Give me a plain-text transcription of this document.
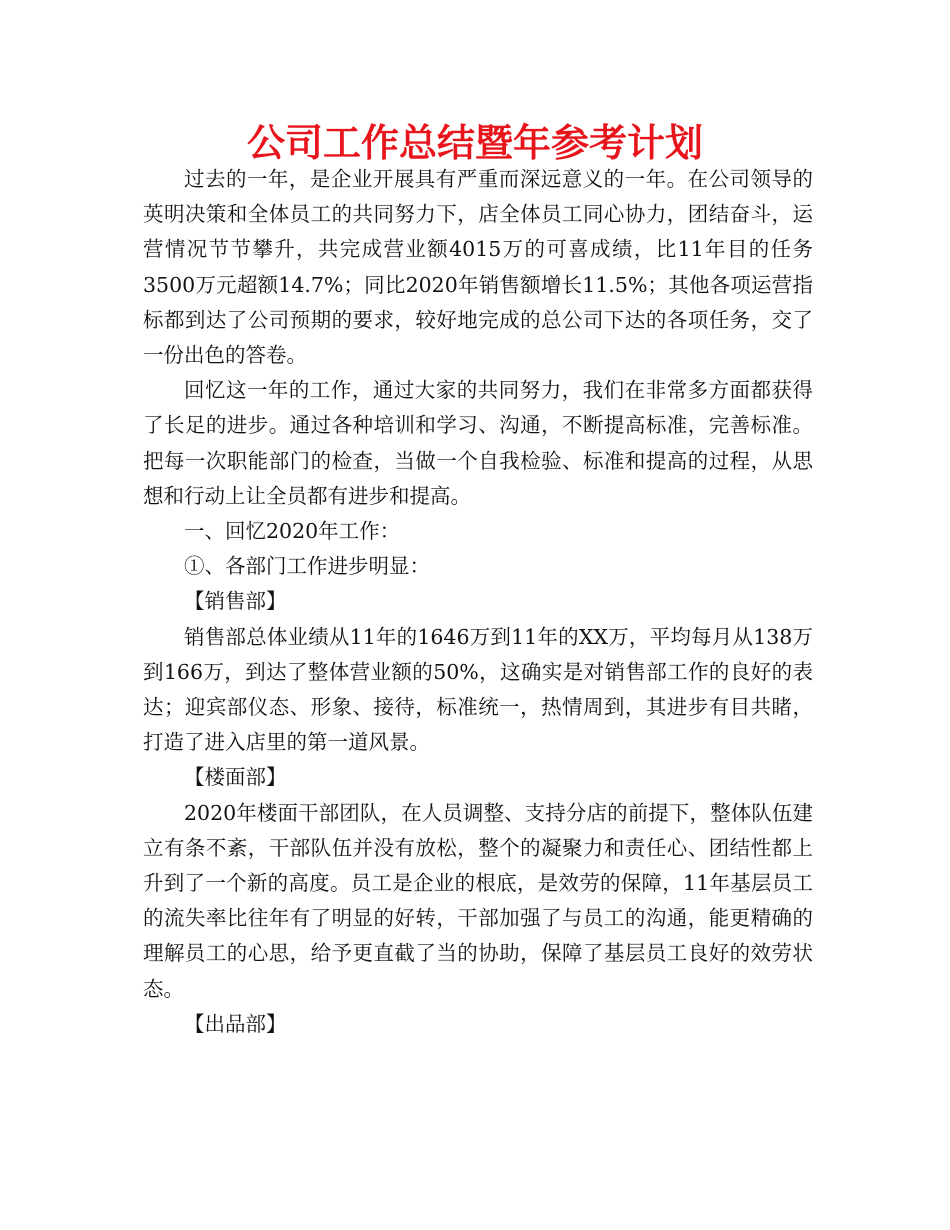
公司工作总结暨年参考计划

过去的一年，是企业开展具有严重而深远意义的一年。在公司领导的英明决策和全体员工的共同努力下，店全体员工同心协力，团结奋斗，运营情况节节攀升，共完成营业额4015万的可喜成绩，比11年目的任务3500万元超额14.7%；同比2020年销售额增长11.5%；其他各项运营指标都到达了公司预期的要求，较好地完成的总公司下达的各项任务，交了一份出色的答卷。

回忆这一年的工作，通过大家的共同努力，我们在非常多方面都获得了长足的进步。通过各种培训和学习、沟通，不断提高标准，完善标准。把每一次职能部门的检查，当做一个自我检验、标准和提高的过程，从思想和行动上让全员都有进步和提高。

一、回忆2020年工作：

①、各部门工作进步明显：

【销售部】

销售部总体业绩从11年的1646万到11年的XX万，平均每月从138万到166万，到达了整体营业额的50%，这确实是对销售部工作的良好的表达；迎宾部仪态、形象、接待，标准统一，热情周到，其进步有目共睹，打造了进入店里的第一道风景。

【楼面部】

2020年楼面干部团队，在人员调整、支持分店的前提下，整体队伍建立有条不紊，干部队伍并没有放松，整个的凝聚力和责任心、团结性都上升到了一个新的高度。员工是企业的根底，是效劳的保障，11年基层员工的流失率比往年有了明显的好转，干部加强了与员工的沟通，能更精确的理解员工的心思，给予更直截了当的协助，保障了基层员工良好的效劳状态。

【出品部】
